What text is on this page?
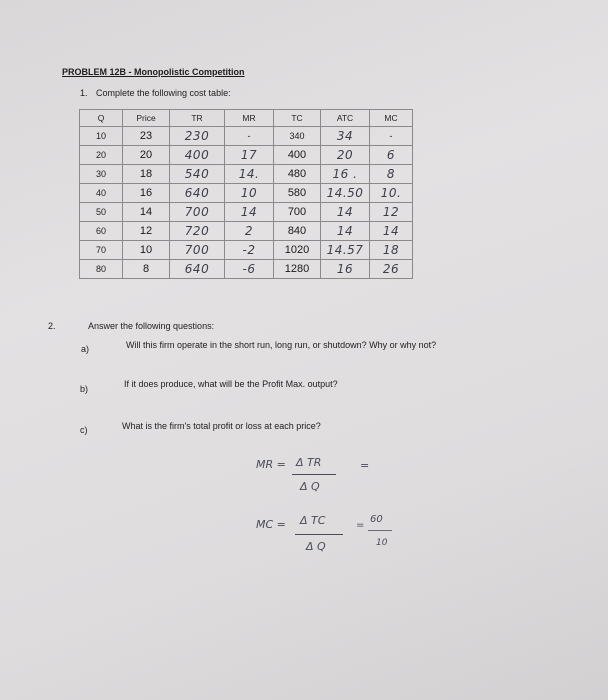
PROBLEM 12B - Monopolistic Competition
1. Complete the following cost table:
Q	Price	TR	MR	TC	ATC	MC
10	23	230	-	340	34	-
20	20	400	17	400	20	6
30	18	540	14.	480	16 .	8
40	16	640	10	580	14.50	10.
50	14	700	14	700	14	12
60	12	720	2	840	14	14
70	10	700	-2	1020	14.57	18
80	8	640	-6	1280	16	26
2.	Answer the following questions:
a)	Will this firm operate in the short run, long run, or shutdown? Why or why not?
b)	If it does produce, what will be the Profit Max. output?
c)	What is the firm's total profit or loss at each price?
MR = Δ TR
Δ Q
=
MC = Δ TC
Δ Q
=
60
10
